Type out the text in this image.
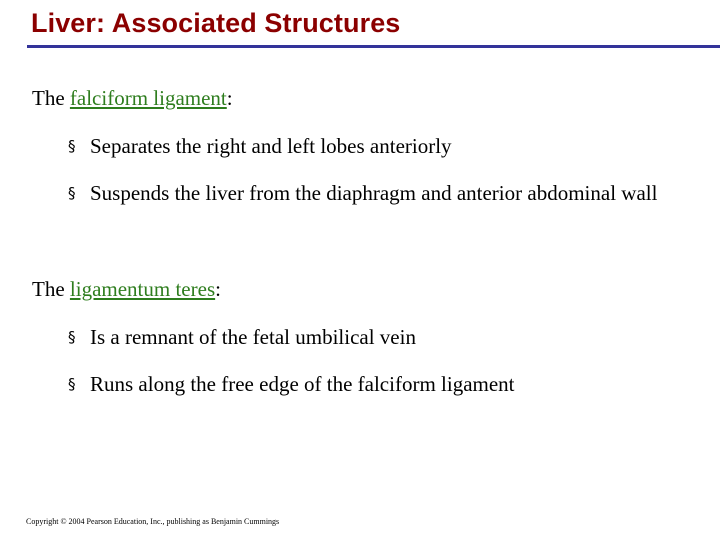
Liver: Associated Structures
The falciform ligament:
§ Separates the right and left lobes anteriorly
§ Suspends the liver from the diaphragm and anterior abdominal wall
The ligamentum teres:
§ Is a remnant of the fetal umbilical vein
§ Runs along the free edge of the falciform ligament
Copyright © 2004 Pearson Education, Inc., publishing as Benjamin Cummings
